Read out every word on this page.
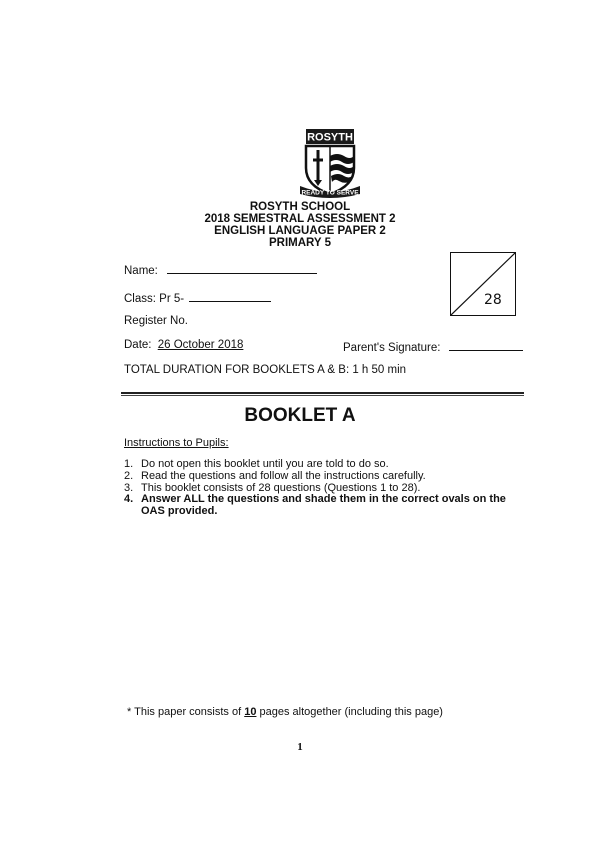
ROSYTH
READY TO SERVE
ROSYTH SCHOOL
2018 SEMESTRAL ASSESSMENT 2
ENGLISH LANGUAGE PAPER 2
PRIMARY 5
Name:
Class: Pr 5-
Register No.
Date: 26 October 2018	Parent's Signature:
TOTAL DURATION FOR BOOKLETS A & B: 1 h 50 min
28
BOOKLET A
Instructions to Pupils:
1. Do not open this booklet until you are told to do so.
2. Read the questions and follow all the instructions carefully.
3. This booklet consists of 28 questions (Questions 1 to 28).
4. Answer ALL the questions and shade them in the correct ovals on the OAS provided.
* This paper consists of 10 pages altogether (including this page)
1
